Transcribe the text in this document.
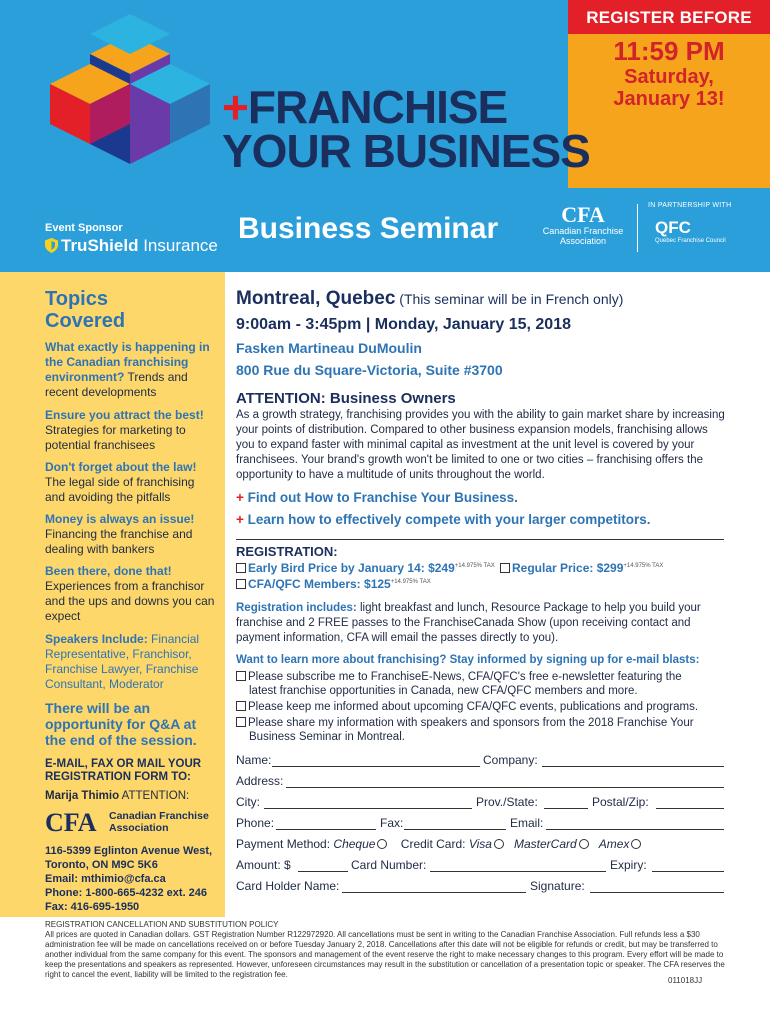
REGISTER BEFORE
11:59 PM
Saturday,
January 13!
+FRANCHISE
YOUR BUSINESS
Business Seminar
Event Sponsor
TruShield Insurance
CFA
Canadian Franchise
Association
IN PARTNERSHIP WITH
QFC
Quebec Franchise Council
Topics
Covered
What exactly is happening in the Canadian franchising environment? Trends and recent developments
Ensure you attract the best! Strategies for marketing to potential franchisees
Don't forget about the law! The legal side of franchising and avoiding the pitfalls
Money is always an issue! Financing the franchise and dealing with bankers
Been there, done that! Experiences from a franchisor and the ups and downs you can expect
Speakers Include: Financial Representative, Franchisor, Franchise Lawyer, Franchise Consultant, Moderator
There will be an opportunity for Q&A at the end of the session.
E-MAIL, FAX OR MAIL YOUR REGISTRATION FORM TO:
Marija Thimio ATTENTION:
CFA Canadian Franchise
Association
116-5399 Eglinton Avenue West,
Toronto, ON M9C 5K6
Email: mthimio@cfa.ca
Phone: 1-800-665-4232 ext. 246
Fax: 416-695-1950
Montreal, Quebec (This seminar will be in French only)
9:00am - 3:45pm | Monday, January 15, 2018
Fasken Martineau DuMoulin
800 Rue du Square-Victoria, Suite #3700
ATTENTION: Business Owners
As a growth strategy, franchising provides you with the ability to gain market share by increasing your points of distribution. Compared to other business expansion models, franchising allows you to expand faster with minimal capital as investment at the unit level is covered by your franchisees. Your brand's growth won't be limited to one or two cities – franchising offers the opportunity to have a multitude of units throughout the world.
+ Find out How to Franchise Your Business.
+ Learn how to effectively compete with your larger competitors.
REGISTRATION:
Early Bird Price by January 14: $\$249^{+14.975\% TAX}$	Regular Price: $\$299^{+14.975\% TAX}$
CFA/QFC Members: $\$125^{+14.975\% TAX}$
Registration includes: light breakfast and lunch, Resource Package to help you build your franchise and 2 FREE passes to the FranchiseCanada Show (upon receiving contact and payment information, CFA will email the passes directly to you).
Want to learn more about franchising? Stay informed by signing up for e-mail blasts:
Please subscribe me to FranchiseE-News, CFA/QFC's free e-newsletter featuring the
latest franchise opportunities in Canada, new CFA/QFC members and more.
Please keep me informed about upcoming CFA/QFC events, publications and programs.
Please share my information with speakers and sponsors from the 2018 Franchise Your
Business Seminar in Montreal.
Name:	Company:
Address:
City:	Prov./State:	Postal/Zip:
Phone:	Fax:	Email:
Payment Method: Cheque Credit Card: Visa MasterCard Amex
Amount: $	Card Number:	Expiry:
Card Holder Name:	Signature:
REGISTRATION CANCELLATION AND SUBSTITUTION POLICY
All prices are quoted in Canadian dollars. GST Registration Number R122972920. All cancellations must be sent in writing to the Canadian Franchise Association. Full refunds less a $30 administration fee will be made on cancellations received on or before Tuesday January 2, 2018. Cancellations after this date will not be eligible for refunds or credit, but may be transferred to another individual from the same company for this event. The sponsors and management of the event reserve the right to make necessary changes to this program. Every effort will be made to keep the presentations and speakers as represented. However, unforeseen circumstances may result in the substitution or cancellation of a presentation topic or speaker. The CFA reserves the right to cancel the event, liability will be limited to the registration fee.
011018JJ
